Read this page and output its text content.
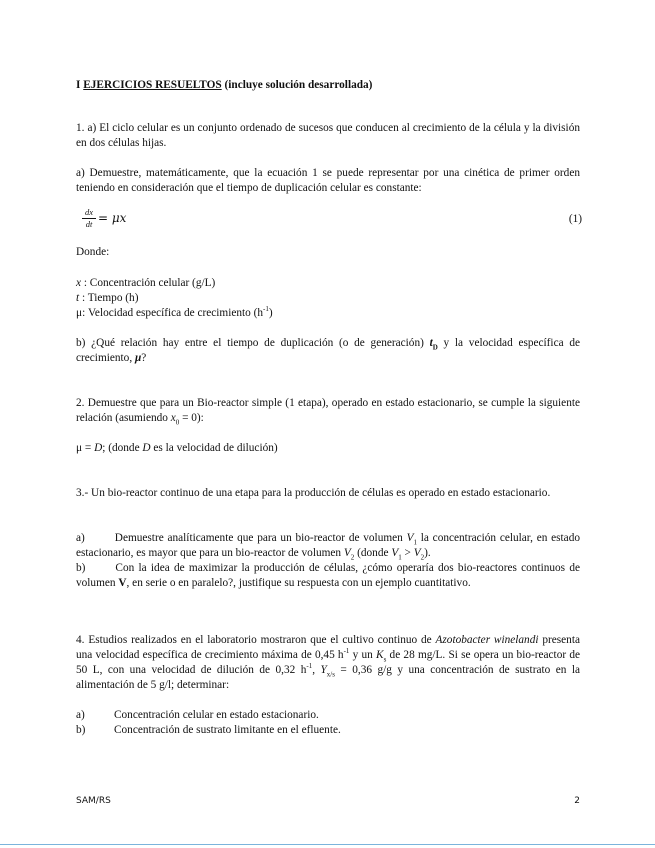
I EJERCICIOS RESUELTOS (incluye solución desarrollada)
1. a) El ciclo celular es un conjunto ordenado de sucesos que conducen al crecimiento de la célula y la división en dos células hijas.
a) Demuestre, matemáticamente, que la ecuación 1 se puede representar por una cinética de primer orden teniendo en consideración que el tiempo de duplicación celular es constante:
$\frac{dx}{dt} = \mu x$	(1)
Donde:
x : Concentración celular (g/L)
t : Tiempo (h)
μ: Velocidad específica de crecimiento $(h^{-1})$
b) ¿Qué relación hay entre el tiempo de duplicación (o de generación) $t_D$ y la velocidad específica de crecimiento, μ?
2. Demuestre que para un Bio-reactor simple (1 etapa), operado en estado estacionario, se cumple la siguiente relación (asumiendo $x_0 = 0$):
μ = D; (donde D es la velocidad de dilución)
3.- Un bio-reactor continuo de una etapa para la producción de células es operado en estado estacionario.
a)	Demuestre analíticamente que para un bio-reactor de volumen $V_1$ la concentración celular, en estado estacionario, es mayor que para un bio-reactor de volumen $V_2$ (donde $V_1 > V_2$).
b)	Con la idea de maximizar la producción de células, ¿cómo operaría dos bio-reactores continuos de volumen V, en serie o en paralelo?, justifique su respuesta con un ejemplo cuantitativo.
4. Estudios realizados en el laboratorio mostraron que el cultivo continuo de Azotobacter winelandi presenta una velocidad específica de crecimiento máxima de 0,45 $h^{-1}$ y un $K_s$ de 28 mg/L. Si se opera un bio-reactor de 50 L, con una velocidad de dilución de 0,32 $h^{-1}$, $Y_{x/s} = 0,36$ g/g y una concentración de sustrato en la alimentación de 5 g/l; determinar:
a)	Concentración celular en estado estacionario.
b)	Concentración de sustrato limitante en el efluente.
SAM/RS	2
